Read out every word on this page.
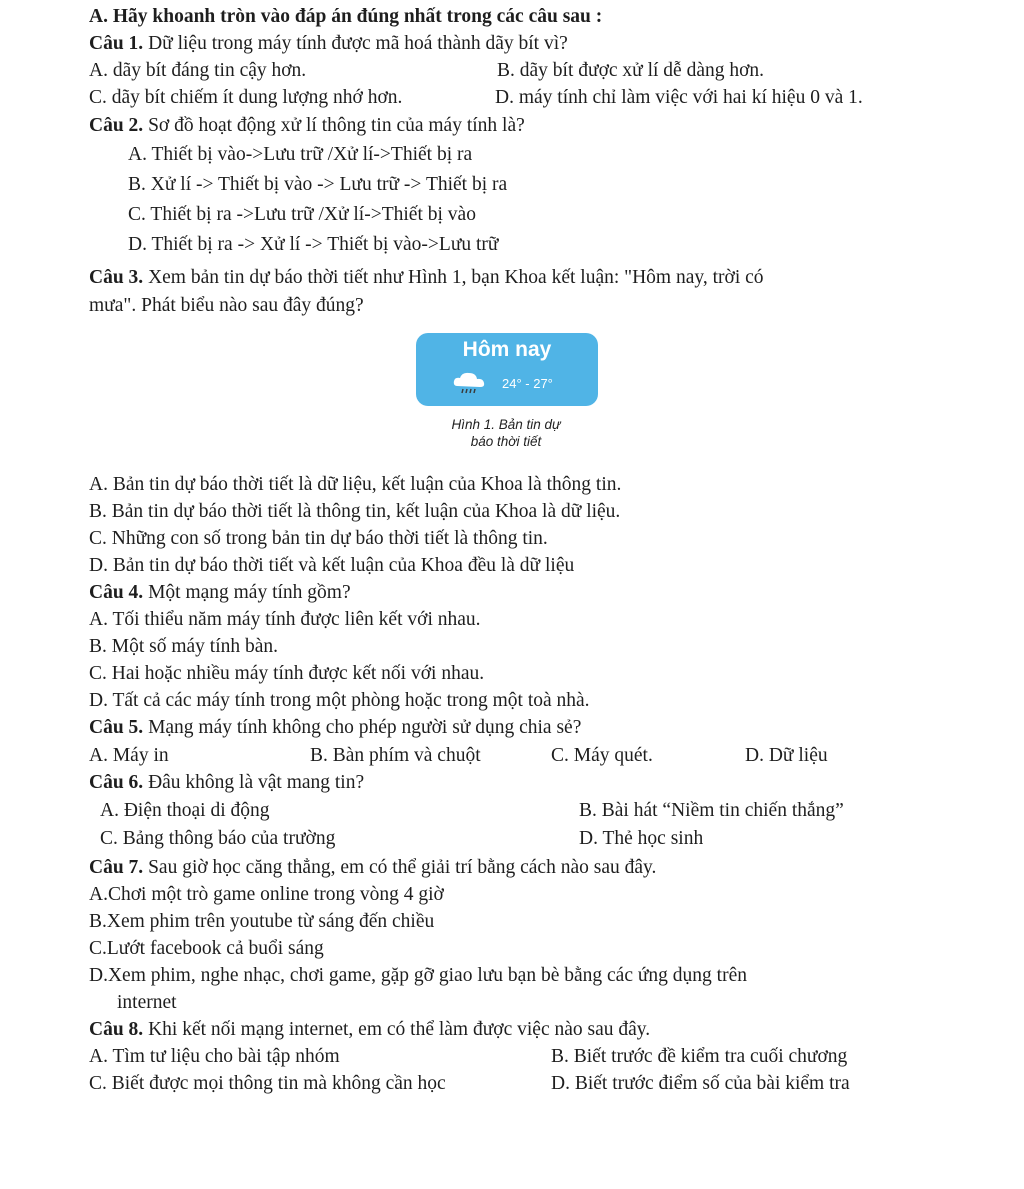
A. Hãy khoanh tròn vào đáp án đúng nhất trong các câu sau :
Câu 1. Dữ liệu trong máy tính được mã hoá thành dãy bít vì?
A. dãy bít đáng tin cậy hơn.	B. dãy bít được xử lí dễ dàng hơn.
C. dãy bít chiếm ít dung lượng nhớ hơn.	D. máy tính chỉ làm việc với hai kí hiệu 0 và 1.
Câu 2. Sơ đồ hoạt động xử lí thông tin của máy tính là?
A. Thiết bị vào->Lưu trữ /Xử lí->Thiết bị ra
B. Xử lí -> Thiết bị vào -> Lưu trữ -> Thiết bị ra
C. Thiết bị ra ->Lưu trữ /Xử lí->Thiết bị vào
D. Thiết bị ra -> Xử lí -> Thiết bị vào->Lưu trữ
Câu 3. Xem bản tin dự báo thời tiết như Hình 1, bạn Khoa kết luận: "Hôm nay, trời có
mưa". Phát biểu nào sau đây đúng?
Hôm nay
24° - 27°
Hình 1. Bản tin dự
báo thời tiết
A. Bản tin dự báo thời tiết là dữ liệu, kết luận của Khoa là thông tin.
B. Bản tin dự báo thời tiết là thông tin, kết luận của Khoa là dữ liệu.
C. Những con số trong bản tin dự báo thời tiết là thông tin.
D. Bản tin dự báo thời tiết và kết luận của Khoa đều là dữ liệu
Câu 4. Một mạng máy tính gồm?
A. Tối thiểu năm máy tính được liên kết với nhau.
B. Một số máy tính bàn.
C. Hai hoặc nhiều máy tính được kết nối với nhau.
D. Tất cả các máy tính trong một phòng hoặc trong một toà nhà.
Câu 5. Mạng máy tính không cho phép người sử dụng chia sẻ?
A. Máy in	B. Bàn phím và chuột	C. Máy quét.	D. Dữ liệu
Câu 6. Đâu không là vật mang tin?
A. Điện thoại di động	B. Bài hát “Niềm tin chiến thắng”
C. Bảng thông báo của trường	D. Thẻ học sinh
Câu 7. Sau giờ học căng thẳng, em có thể giải trí bằng cách nào sau đây.
A.Chơi một trò game online trong vòng 4 giờ
B.Xem phim trên youtube từ sáng đến chiều
C.Lướt facebook cả buổi sáng
D.Xem phim, nghe nhạc, chơi game, gặp gỡ giao lưu bạn bè bằng các ứng dụng trên
internet
Câu 8. Khi kết nối mạng internet, em có thể làm được việc nào sau đây.
A. Tìm tư liệu cho bài tập nhóm	B. Biết trước đề kiểm tra cuối chương
C. Biết được mọi thông tin mà không cần học	D. Biết trước điểm số của bài kiểm tra
